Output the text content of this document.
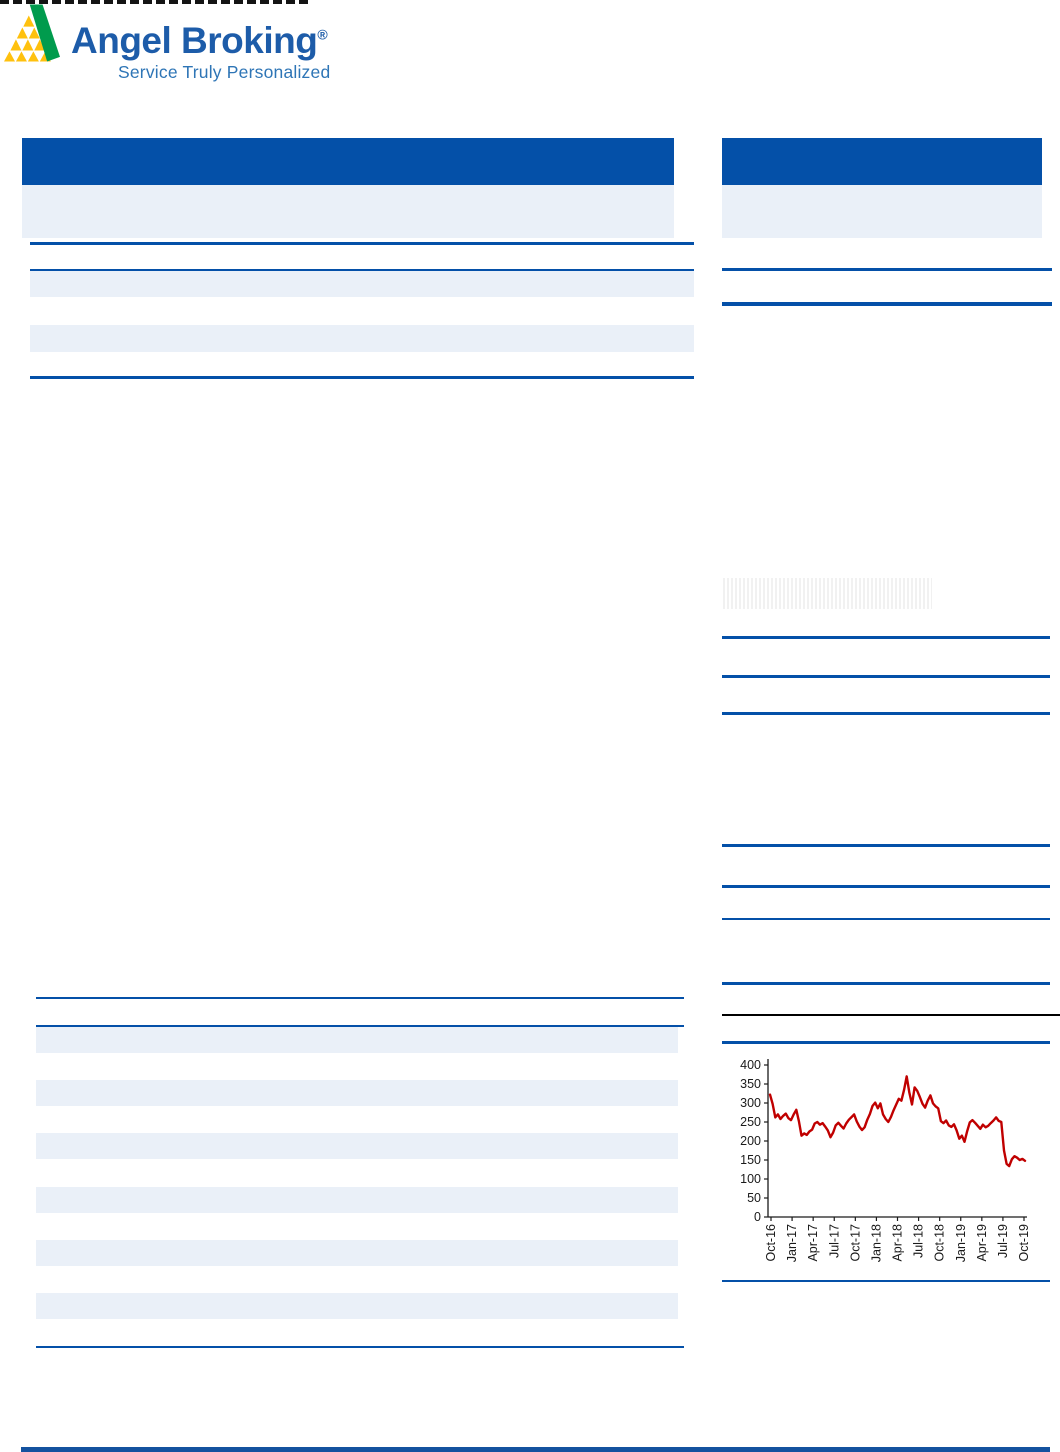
Angel Broking®
Service Truly Personalized
0
50
100
150
200
250
300
350
400
Oct-16 Jan-17 Apr-17 Jul-17 Oct-17 Jan-18 Apr-18 Jul-18 Oct-18 Jan-19 Apr-19 Jul-19 Oct-19
